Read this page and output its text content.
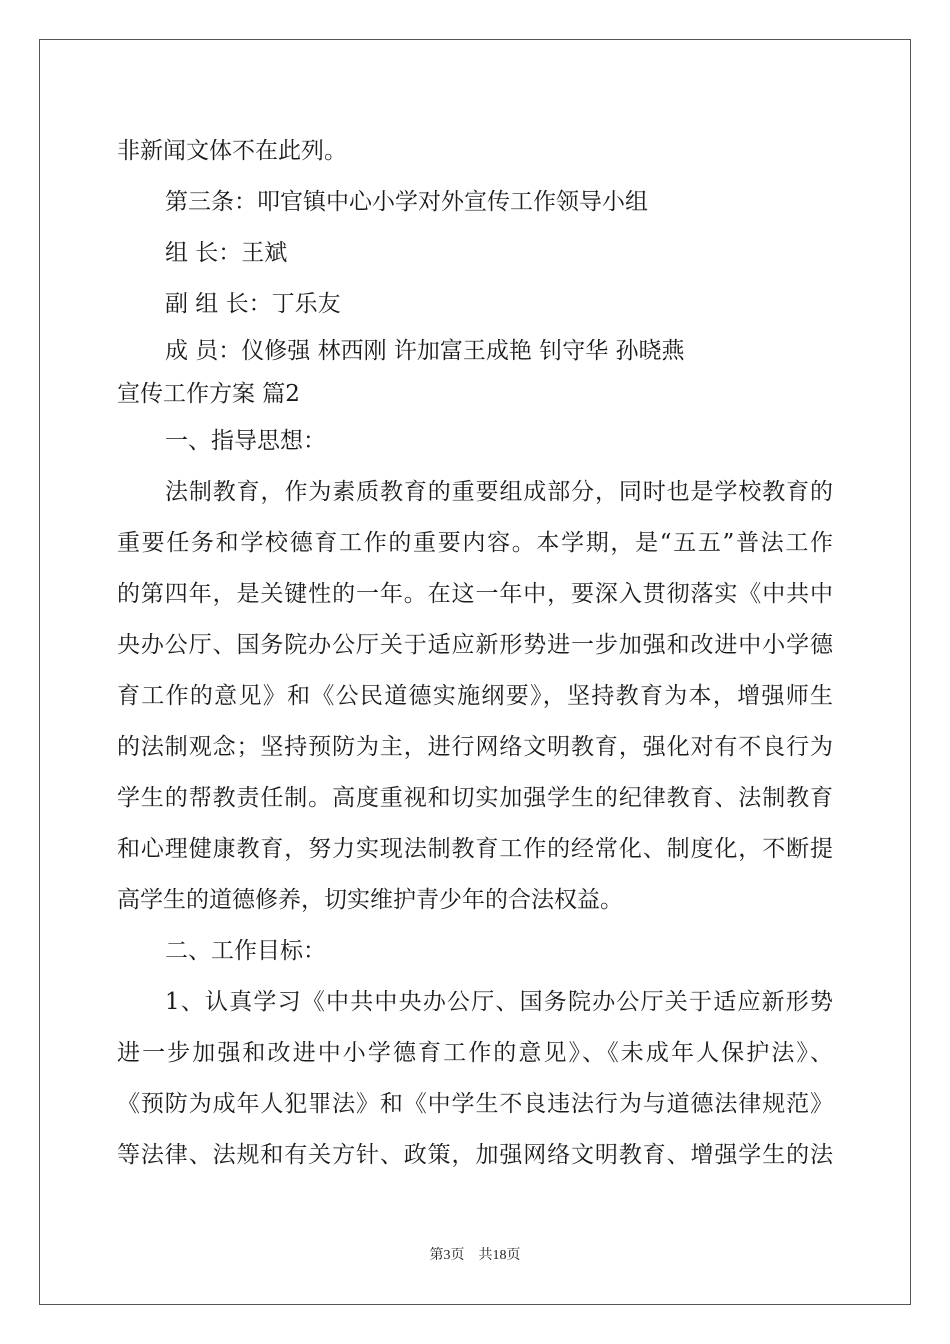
非新闻文体不在此列。
第三条：叩官镇中心小学对外宣传工作领导小组
组 长：王斌
副 组 长：丁乐友
成 员：仪修强 林西刚 许加富王成艳 钊守华 孙晓燕
宣传工作方案 篇2
一、指导思想：
法制教育，作为素质教育的重要组成部分，同时也是学校教育的
重要任务和学校德育工作的重要内容。本学期，是“五五”普法工作
的第四年，是关键性的一年。在这一年中，要深入贯彻落实《中共中
央办公厅、国务院办公厅关于适应新形势进一步加强和改进中小学德
育工作的意见》和《公民道德实施纲要》，坚持教育为本，增强师生
的法制观念；坚持预防为主，进行网络文明教育，强化对有不良行为
学生的帮教责任制。高度重视和切实加强学生的纪律教育、法制教育
和心理健康教育，努力实现法制教育工作的经常化、制度化，不断提
高学生的道德修养，切实维护青少年的合法权益。
二、工作目标：
1、认真学习《中共中央办公厅、国务院办公厅关于适应新形势
进一步加强和改进中小学德育工作的意见》、《未成年人保护法》、
《预防为成年人犯罪法》和《中学生不良违法行为与道德法律规范》
等法律、法规和有关方针、政策，加强网络文明教育、增强学生的法
第3页 共18页
